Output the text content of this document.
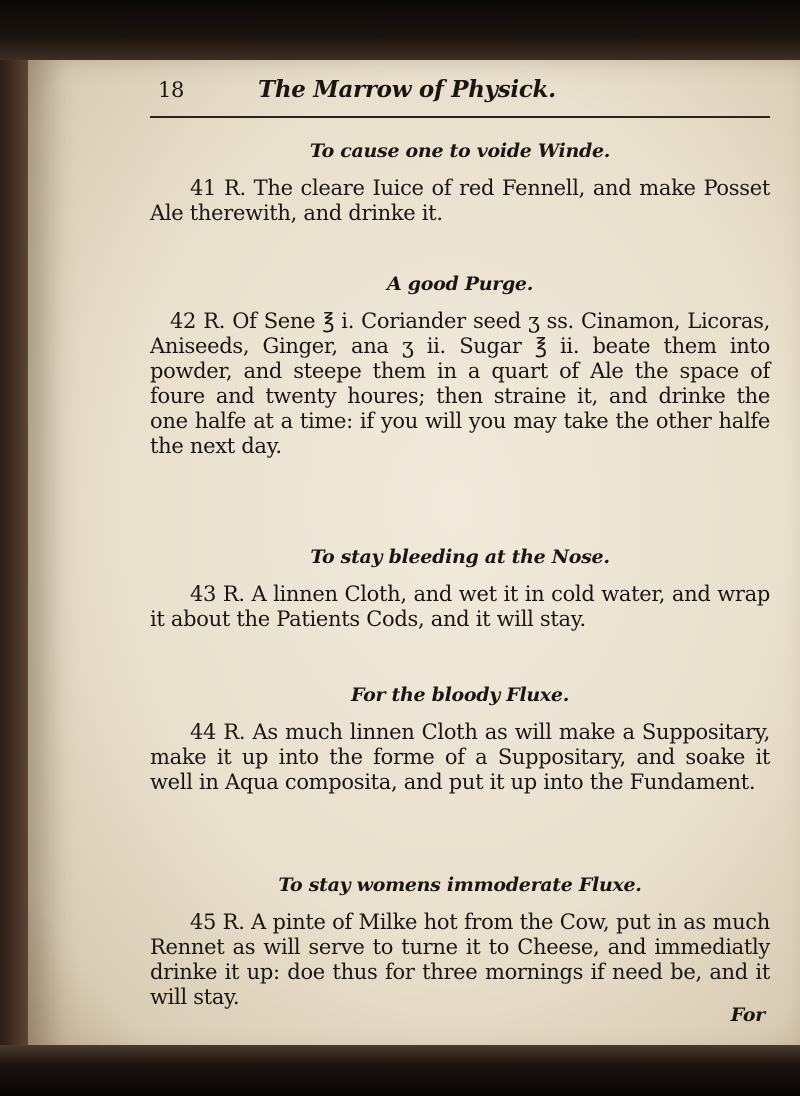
18	The Marrow of Physick.

To cause one to voide Winde.

41 R. The cleare Iuice of red Fennell, and make Posset Ale therewith, and drinke it.

A good Purge.

42 R. Of Sene ℥ i. Coriander seed ʒ ss. Cinamon, Licoras, Aniseeds, Ginger, ana ʒ ii. Sugar ℥ ii. beate them into powder, and steepe them in a quart of Ale the space of foure and twenty houres; then straine it, and drinke the one halfe at a time: if you will you may take the other halfe the next day.

To stay bleeding at the Nose.

43 R. A linnen Cloth, and wet it in cold water, and wrap it about the Patients Cods, and it will stay.

For the bloody Fluxe.

44 R. As much linnen Cloth as will make a Suppositary, make it up into the forme of a Suppositary, and soake it well in Aqua composita, and put it up into the Fundament.

To stay womens immoderate Fluxe.

45 R. A pinte of Milke hot from the Cow, put in as much Rennet as will serve to turne it to Cheese, and immediatly drinke it up: doe thus for three mornings if need be, and it will stay.

For
